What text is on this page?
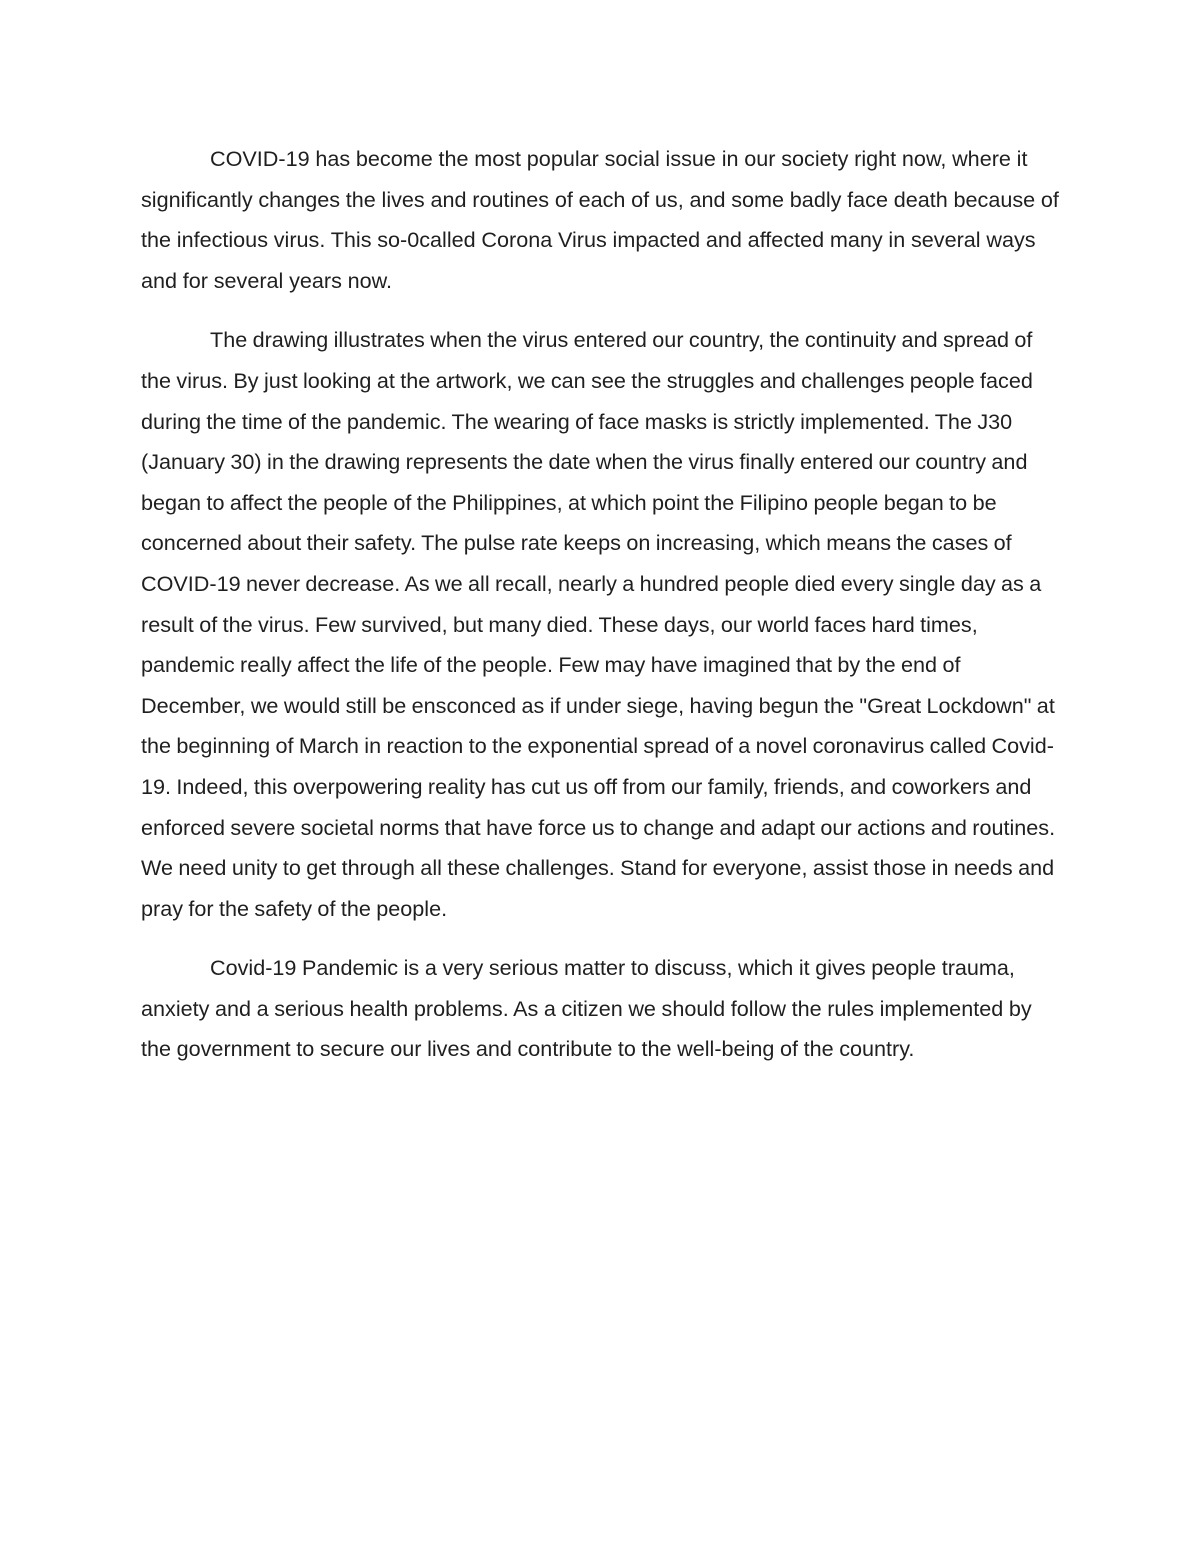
COVID-19 has become the most popular social issue in our society right now, where it significantly changes the lives and routines of each of us, and some badly face death because of the infectious virus. This so-0called Corona Virus impacted and affected many in several ways and for several years now.

The drawing illustrates when the virus entered our country, the continuity and spread of the virus. By just looking at the artwork, we can see the struggles and challenges people faced during the time of the pandemic. The wearing of face masks is strictly implemented. The J30 (January 30) in the drawing represents the date when the virus finally entered our country and began to affect the people of the Philippines, at which point the Filipino people began to be concerned about their safety. The pulse rate keeps on increasing, which means the cases of COVID-19 never decrease. As we all recall, nearly a hundred people died every single day as a result of the virus. Few survived, but many died. These days, our world faces hard times, pandemic really affect the life of the people. Few may have imagined that by the end of December, we would still be ensconced as if under siege, having begun the "Great Lockdown" at the beginning of March in reaction to the exponential spread of a novel coronavirus called Covid-19. Indeed, this overpowering reality has cut us off from our family, friends, and coworkers and enforced severe societal norms that have force us to change and adapt our actions and routines. We need unity to get through all these challenges. Stand for everyone, assist those in needs and pray for the safety of the people.

Covid-19 Pandemic is a very serious matter to discuss, which it gives people trauma, anxiety and a serious health problems. As a citizen we should follow the rules implemented by the government to secure our lives and contribute to the well-being of the country.
